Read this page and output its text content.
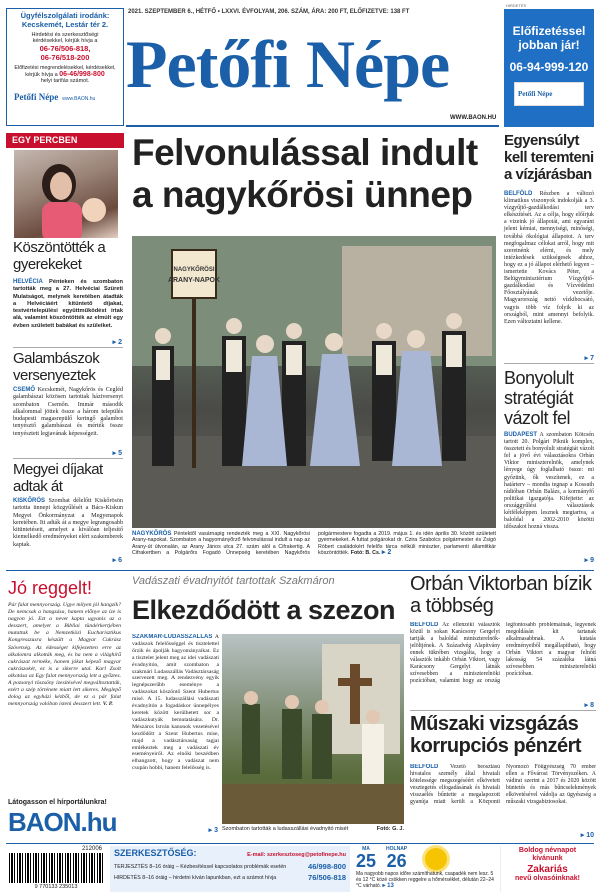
Ügyfélszolgálati irodánk: Kecskemét, Lestár tér 2.
Hirdetési és szerkesztőségi
kérdésekkel, kérjük hívja a
06-76/506-818,
06-76/518-200
Előfizetési megrendelésekkel, kérdésekkel,
kérjük hívja a 06-46/998-800
helyi tarifás számot.
Petőfi Népe www.BAON.hu
2021. SZEPTEMBER 6., HÉTFŐ • LXXVI. ÉVFOLYAM, 206. SZÁM, ÁRA: 200 FT, ELŐFIZETVE: 138 FT
Petőfi Népe
WWW.BAON.HU
HIRDETÉS
Előfizetéssel
jobban jár!
06-94-999-120
Petőfi Népe
EGY PERCBEN
Köszöntötték a gyerekeket
HELVÉCIA Pénteken és szombaton tartották meg a 27. Helvéciai Szüreti Mulatságot, melynek keretében átadták a Helvéciáért kitüntető díjakat, testvértelepülési együttműködést írtak alá, valamint köszöntötték az elmúlt egy évben született babákat és szüleiket.
▸ 2
Galambászok versenyeztek
CSEMŐ Kecskemét, Nagykőrös és Cegléd galambászai közösen tartottak háziversenyt szombaton Csemőn. Immár második alkalommal jöttek össze a három település budapesti magasrepülő keringő galambot tenyésztő galambászai és mérték össze tenyésztett legjavának képességeit.
▸ 5
Megyei díjakat adtak át
KISKŐRÖS Szombat délelőtt Kiskőrösön tartotta ünnepi közgyűlését a Bács-Kiskun Megyei Önkormányzat a Megyenapok keretében. Itt adták át a megye legrangosabb kitüntetéseit, amelyet a kiválóan teljesítő kiemelkedő eredményeket elért szakemberek kaptak.
▸ 6
Felvonulással indult a nagykőrösi ünnep
NAGYKŐRÖSI
ARANY-NAPOK
NAGYKŐRÖS Péntektől vasárnapig rendezték meg a XXI. Nagykőrösi Arany-napokat. Szombaton a hagyományőrző felvonulással indult a nap az Arany-út útvonalán, az Arany János utca 27. szám alól a Cifrakertig. A Cifrakertben a Polgárőrs Fogadó Ünnepség keretében Nagykőrös polgármestere fogadta a 2019. május 1. és idén április 30. között született gyermekeket. A futtat polgárokat dr. Czira Szabolcs polgármester és Zsigó Róbert családokért felelős tárca nélküli miniszter, parlamenti államtitkár köszöntötték. Fotó: B. Cs. ▸ 2
Egyensúlyt kell teremteni a vízjárásban
BELFÖLD Részben a változó klimatikus viszonyok indokolják a 3. vízgyűjtő-gazdálkodási terv elkészítését. Az a célja, hogy előírjuk a vizeink jó állapotát, ami egyaránt jelent kémiai, mennyiségi, minőségi, továbbá ökológiai állapotot. A terv megfogalmaz célokat arról, hogy mit szeretnénk elérni, és mely intézkedések szükségesek ahhoz, hogy ez a jó állapot elérhető legyen – ismertette Kovács Péter, a Belügyminisztérium Vízgyűjtő-gazdálkodási és Vízvédelmi Főosztályának vezetője. Magyarország nettó vízkibocsátó, vagyis több víz folyik ki az országból, mint amennyi befolyik. Ezen változtatni kellene.
▸ 7
Bonyolult stratégiát vázolt fel
BUDAPEST A szombaton Kötcsén tartott 20. Polgári Piknik komplex, összetett és bonyolult stratégiát vázolt fel a jövő évi választásokra Orbán Viktor miniszterelnök, amelynek lényege úgy foglalható össze: mi győzünk, ők veszítenek, ez a határterv – mondta tegnap a Kossuth rádióban Orbán Balázs, a kormányfő politikai igazgatója. Kifejtette: az országgyűlési választások kétféleképpen lesznek megtartva, a baloldal a 2002-2010 közötti időszakot hozná vissza.
▸ 9
Jó reggelt!
Pár falat mennyország. Ugye milyen jól hangzik? De nemcsak a hangzása, hanem előnye az íze is nagyon jó. Ezt a nevet kapta ugyanis az a desszert, amelyet a Bibliai tündérkertjében mutattak be a Nemzetközi Eucharisztikus Kongresszusra készült a Magyar Cukrász Szövetség. Az édességet kifejezetten erre az alkalomra alkották meg, és ha nem a világhírű cukrászat terméke, hanem jókat képező magyar cukrászokét, ez is a sikerre utal. Karl Zsolt alkotása az Egy falat mennyország lett a győztes. A pozsonyi töszsöny ízesítésével megváltoztatták, ezért a szép története miatt lett sikeres. Meglepő dolog az egyházi kézből, de ez a pár falat mennyország valóban isteni desszert lett. V. P.
Látogasson el hírportálunkra!
BAON.hu
Vadászati évadnyitót tartottak Szakmáron
Elkezdődött a szezon
SZAKMÁR-LUDASSZÁLLÁS A vadászok felelősséggel és tisztelettel őrzik és ápolják hagyományaikat. Ez a tisztelet jelent meg az idei vadászati évadnyitón, amit szombaton a szakmári Ludasszállás Vadásztársaság szervezett meg. A rendezvény egyik legnépszerűbb eseménye a vadászokat köszöntő Szent Hubertus misé. A 15. ludasszállási vadászati évadnyitón a fogadáskor ünnepélyes keretek között kerülhetett sor a vadászkutyák bemutatására. Dr. Mészáros István kanonok vezetésével kezdődött a Szent Hubertus mise, majd a vadásztársaság tagjai emlékeztek meg a vadászati év eseményeiről. Az elnöki beszédben elhangzott, hogy a vadászat nem csupán hobbi, hanem felelősség is.
Szombaton tartották a ludasszállási évadnyitó misét	Fotó: G. J.
▸ 3
Orbán Viktorban bízik a többség
BELFÖLD Az ellenzéki választók közül is sokan Karácsony Gergelyt tartják a baloldal miniszterelnök-jelöltjének. A Századvég Alapítvány ennek tükrében vizsgálta, hogy a választók inkább Orbán Viktort, vagy Karácsony Gergelyt látnák szívesebben a miniszterelnöki pozícióban, valamint hogy az ország legfontosabb problémáinak, legyenek megoldásán kit tartanak alkalmasabbnak. A kutatás eredményeiből megállapítható, hogy Orbán Viktort a magyar felnőtt lakosság 54 százaléka látná szívesebben miniszterelnöki pozícióban.
▸ 8
Műszaki vizsgázás korrupciós pénzért
BELFÖLD Vezető beosztású hivatalos személy által hivatali kötelessége megszegéséért elkövetett vesztegetés elfogadásának és hivatali visszaélés bűntette a megalapozott gyanúja miatt került a Központi Nyomozó Főügyészség 70 ember ellen a Fővárosi Törvényszéken. A vádirat szerint a 2017 és 2020 között büntetés és más bűncselekmények elkövetésével vádolja az ügyészség a műszaki vizsgabiztosokat.
▸ 10
212006
9 770133 235013
SZERKESZTŐSÉG:	E-mail: szerkesztoseg@petofinepe.hu
TERJESZTÉS 8–16 óráig – Kézbesítéssel kapcsolatos problémák esetén	46/998-800
HIRDETÉS 8–16 óráig – hirdetni kíván lapunkban, ezt a számot hívja	76/506-818
MA
25
HOLNAP
26
Ma nagyobb napos időre számíthatunk, csapadék nem lesz. 5 és 12 °C közé csökken reggelre a hőmérséklet, délután 22–24 °C várható. ▸ 13
Boldog névnapot kívánunk
Zakariás
nevű olvasóinknak!
